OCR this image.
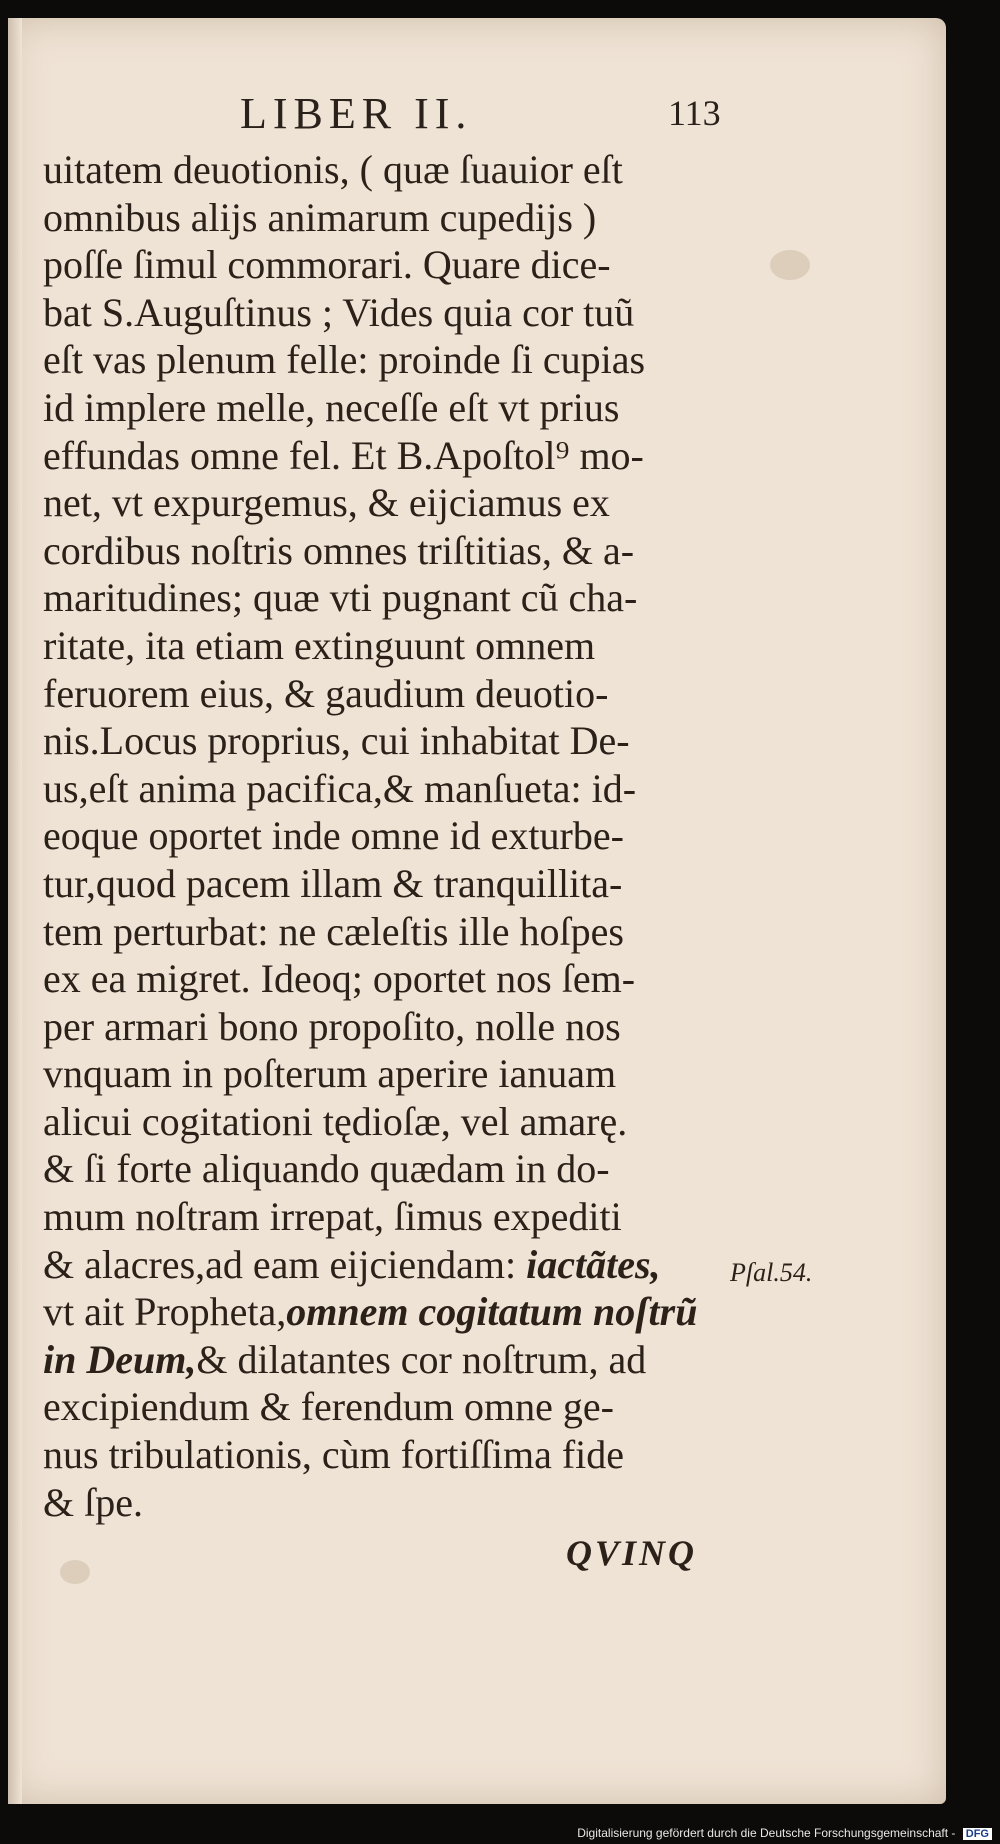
LIBER II.	113
uitatem deuotionis, ( quæ ſuauior eſt
omnibus alijs animarum cupedijs )
poſſe ſimul commorari. Quare dice-
bat S.Auguſtinus ; Vides quia cor tuũ
eſt vas plenum felle: proinde ſi cupias
id implere melle, neceſſe eſt vt prius
effundas omne fel. Et B.Apoſtol⁹ mo-
net, vt expurgemus, & eijciamus ex
cordibus noſtris omnes triſtitias, & a-
maritudines; quæ vti pugnant cũ cha-
ritate, ita etiam extinguunt omnem
feruorem eius, & gaudium deuotio-
nis.Locus proprius, cui inhabitat De-
us,eſt anima pacifica,& manſueta: id-
eoque oportet inde omne id exturbe-
tur,quod pacem illam & tranquillita-
tem perturbat: ne cæleſtis ille hoſpes
ex ea migret. Ideoq; oportet nos ſem-
per armari bono propoſito, nolle nos
vnquam in poſterum aperire ianuam
alicui cogitationi tędioſæ, vel amarę.
& ſi forte aliquando quædam in do-
mum noſtram irrepat, ſimus expediti
& alacres,ad eam eijciendam: iactãtes,
vt ait Propheta,omnem cogitatum noſtrũ
in Deum,& dilatantes cor noſtrum, ad
excipiendum & ferendum omne ge-
nus tribulationis, cùm fortiſſima fide
& ſpe.
Pſal.54.
QVINQ
Digitalisierung gefördert durch die Deutsche Forschungsgemeinschaft - DFG
